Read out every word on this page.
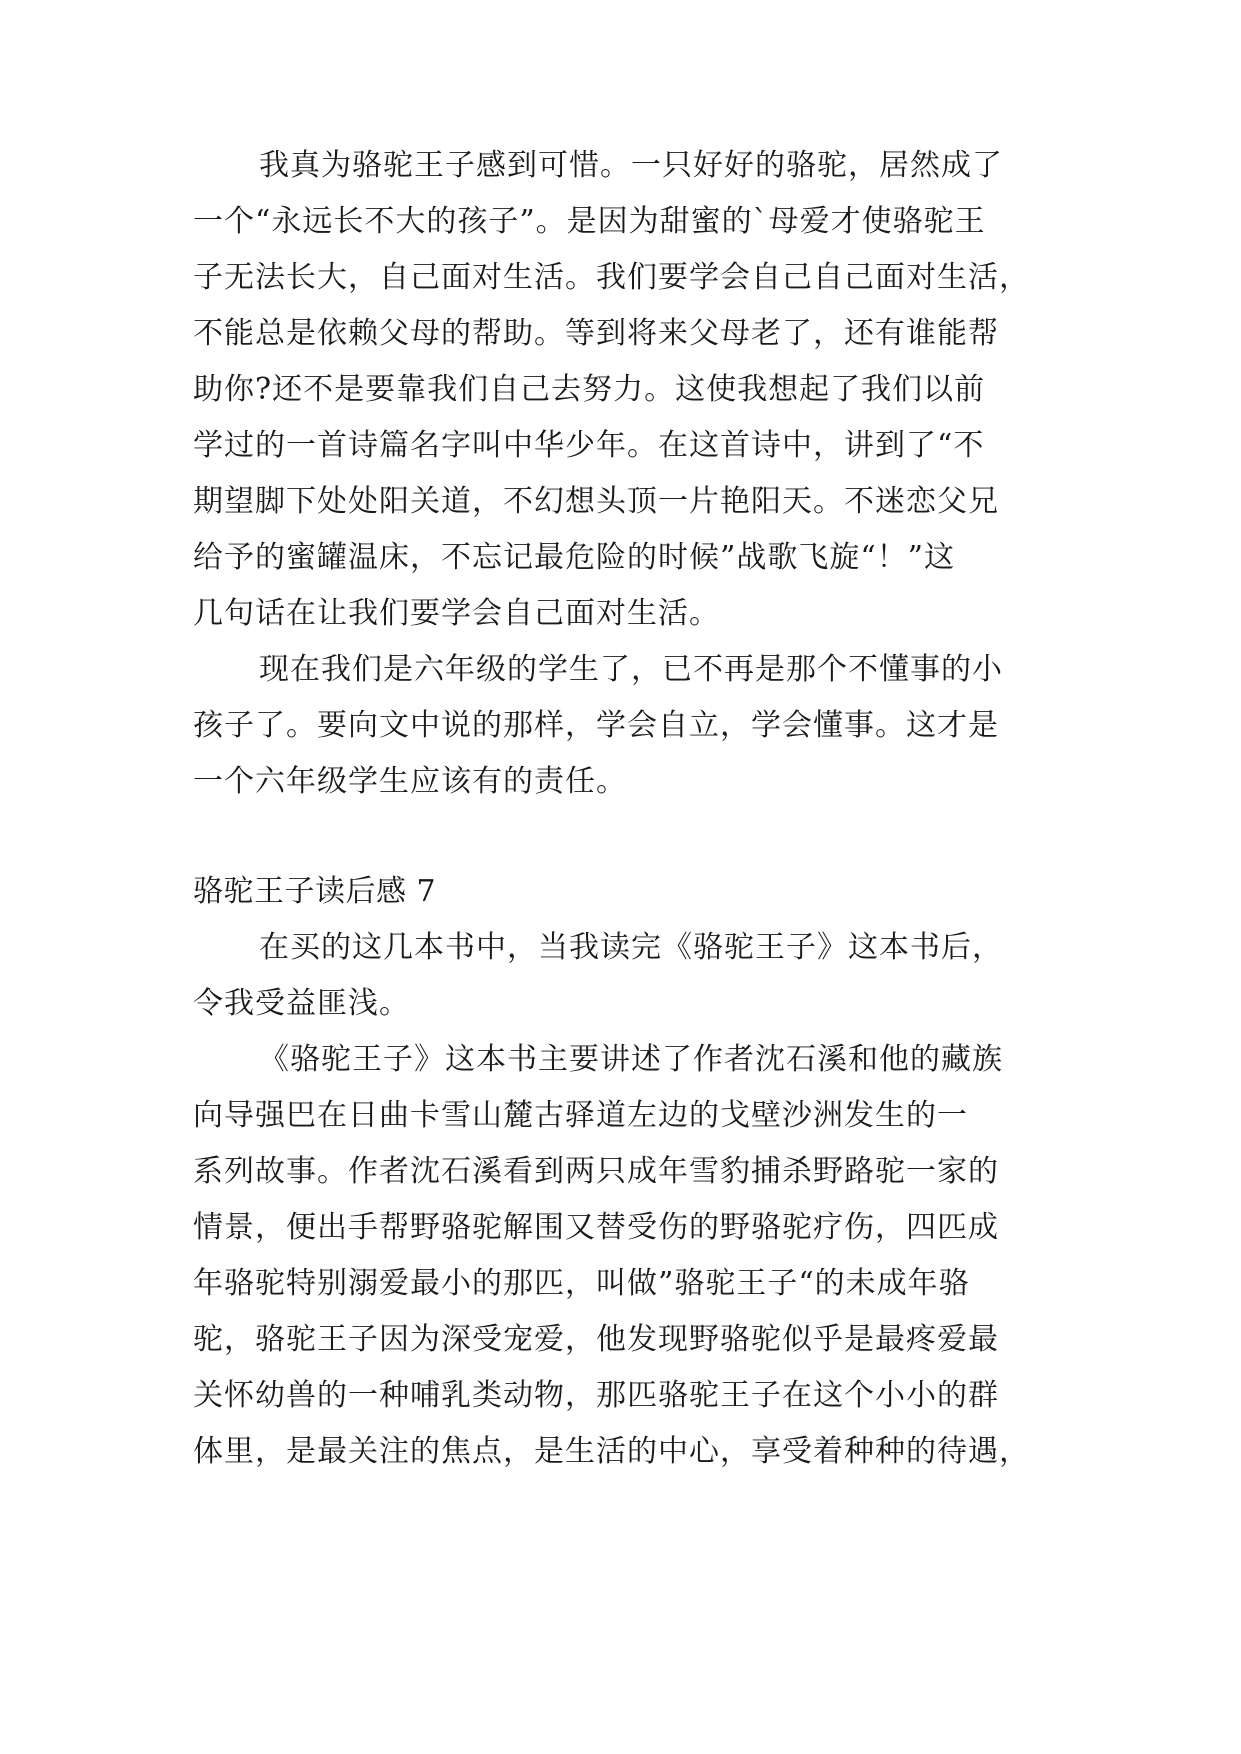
我真为骆驼王子感到可惜。一只好好的骆驼，居然成了
一个“永远长不大的孩子”。是因为甜蜜的`母爱才使骆驼王
子无法长大，自己面对生活。我们要学会自己自己面对生活，
不能总是依赖父母的帮助。等到将来父母老了，还有谁能帮
助你?还不是要靠我们自己去努力。这使我想起了我们以前
学过的一首诗篇名字叫中华少年。在这首诗中，讲到了“不
期望脚下处处阳关道，不幻想头顶一片艳阳天。不迷恋父兄
给予的蜜罐温床，不忘记最危险的时候”战歌飞旋“！”这
几句话在让我们要学会自己面对生活。
现在我们是六年级的学生了，已不再是那个不懂事的小
孩子了。要向文中说的那样，学会自立，学会懂事。这才是
一个六年级学生应该有的责任。
骆驼王子读后感 7
在买的这几本书中，当我读完《骆驼王子》这本书后，
令我受益匪浅。
《骆驼王子》这本书主要讲述了作者沈石溪和他的藏族
向导强巴在日曲卡雪山麓古驿道左边的戈壁沙洲发生的一
系列故事。作者沈石溪看到两只成年雪豹捕杀野路驼一家的
情景，便出手帮野骆驼解围又替受伤的野骆驼疗伤，四匹成
年骆驼特别溺爱最小的那匹，叫做”骆驼王子“的未成年骆
驼，骆驼王子因为深受宠爱，他发现野骆驼似乎是最疼爱最
关怀幼兽的一种哺乳类动物，那匹骆驼王子在这个小小的群
体里，是最关注的焦点，是生活的中心，享受着种种的待遇，
